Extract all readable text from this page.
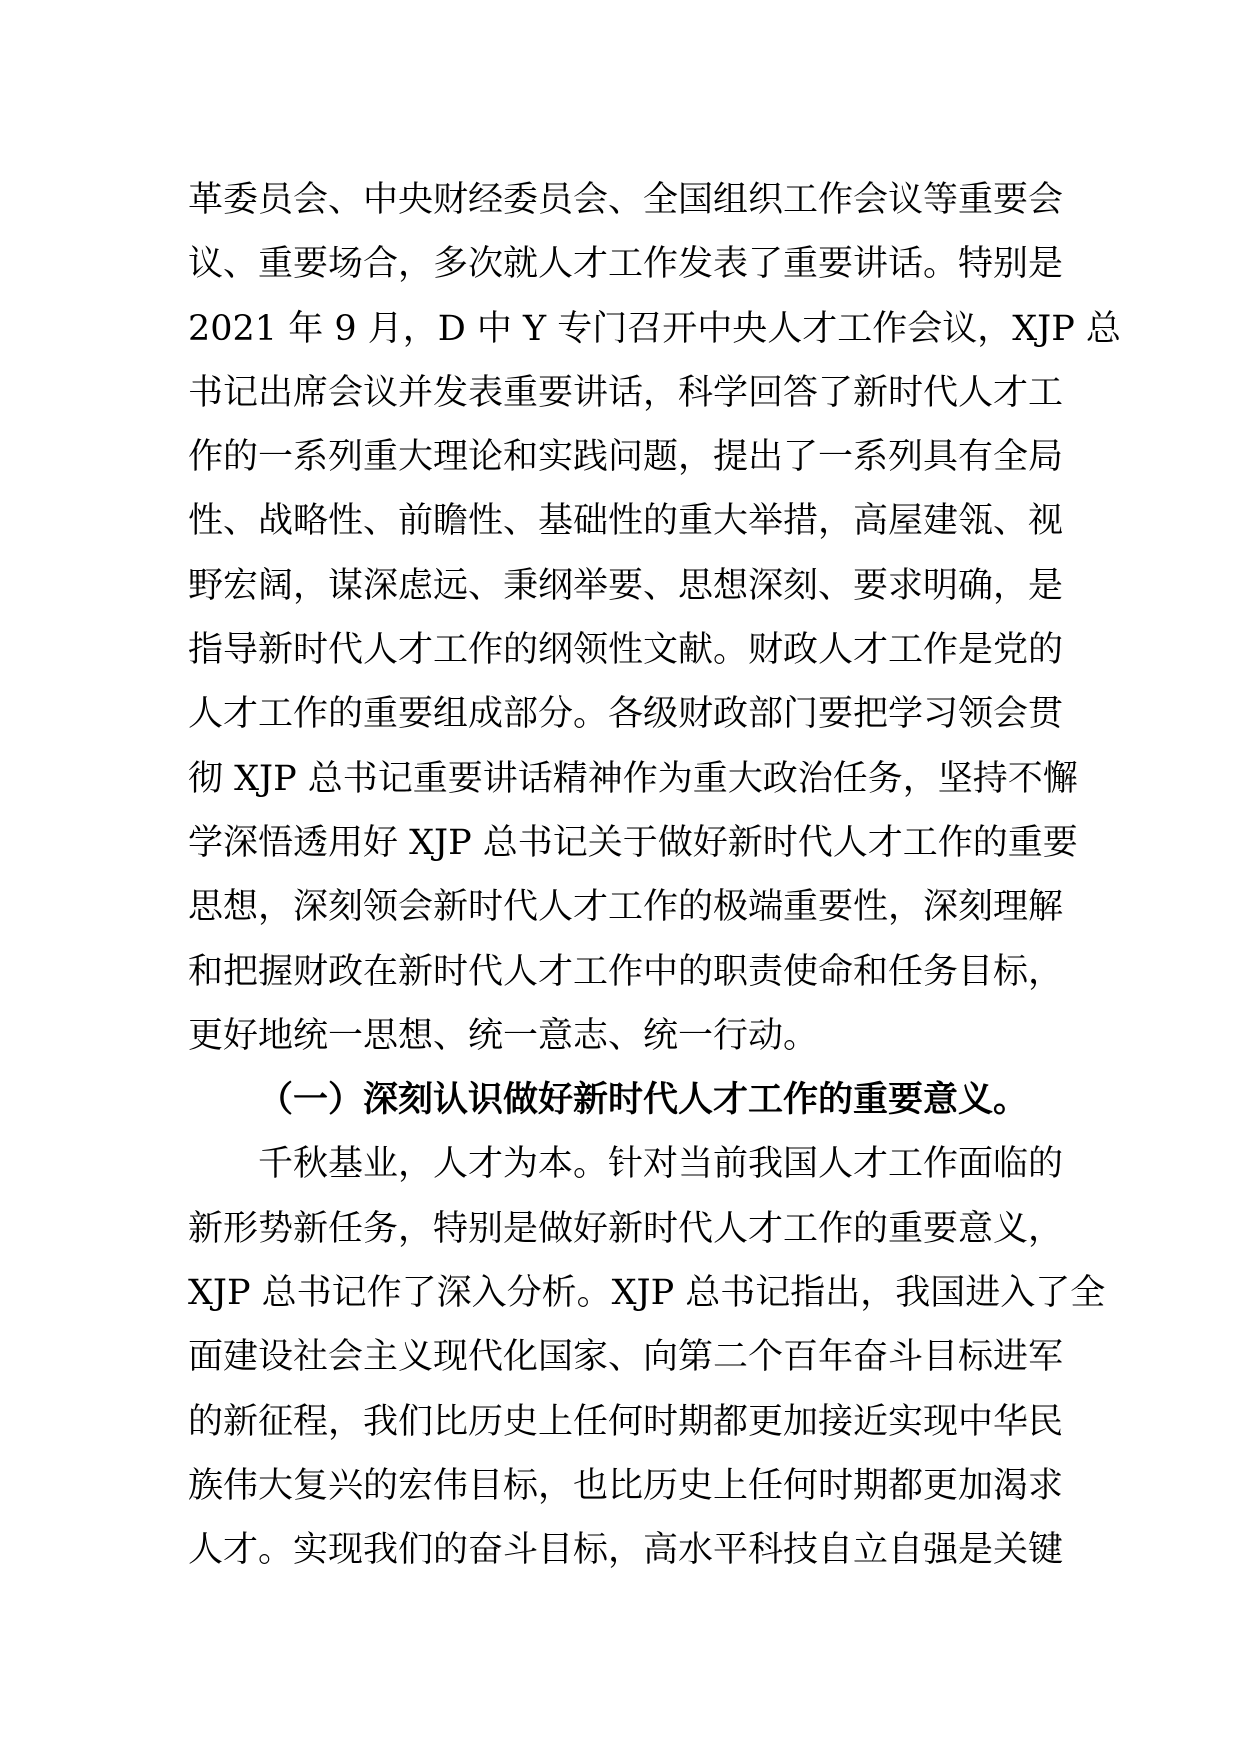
革委员会、中央财经委员会、全国组织工作会议等重要会
议、重要场合，多次就人才工作发表了重要讲话。特别是
2021 年 9 月，D 中 Y 专门召开中央人才工作会议，XJP 总
书记出席会议并发表重要讲话，科学回答了新时代人才工
作的一系列重大理论和实践问题，提出了一系列具有全局
性、战略性、前瞻性、基础性的重大举措，高屋建瓴、视
野宏阔，谋深虑远、秉纲举要、思想深刻、要求明确，是
指导新时代人才工作的纲领性文献。财政人才工作是党的
人才工作的重要组成部分。各级财政部门要把学习领会贯
彻 XJP 总书记重要讲话精神作为重大政治任务，坚持不懈
学深悟透用好 XJP 总书记关于做好新时代人才工作的重要
思想，深刻领会新时代人才工作的极端重要性，深刻理解
和把握财政在新时代人才工作中的职责使命和任务目标，
更好地统一思想、统一意志、统一行动。
（一）深刻认识做好新时代人才工作的重要意义。
千秋基业，人才为本。针对当前我国人才工作面临的
新形势新任务，特别是做好新时代人才工作的重要意义，
XJP 总书记作了深入分析。XJP 总书记指出，我国进入了全
面建设社会主义现代化国家、向第二个百年奋斗目标进军
的新征程，我们比历史上任何时期都更加接近实现中华民
族伟大复兴的宏伟目标，也比历史上任何时期都更加渴求
人才。实现我们的奋斗目标，高水平科技自立自强是关键
